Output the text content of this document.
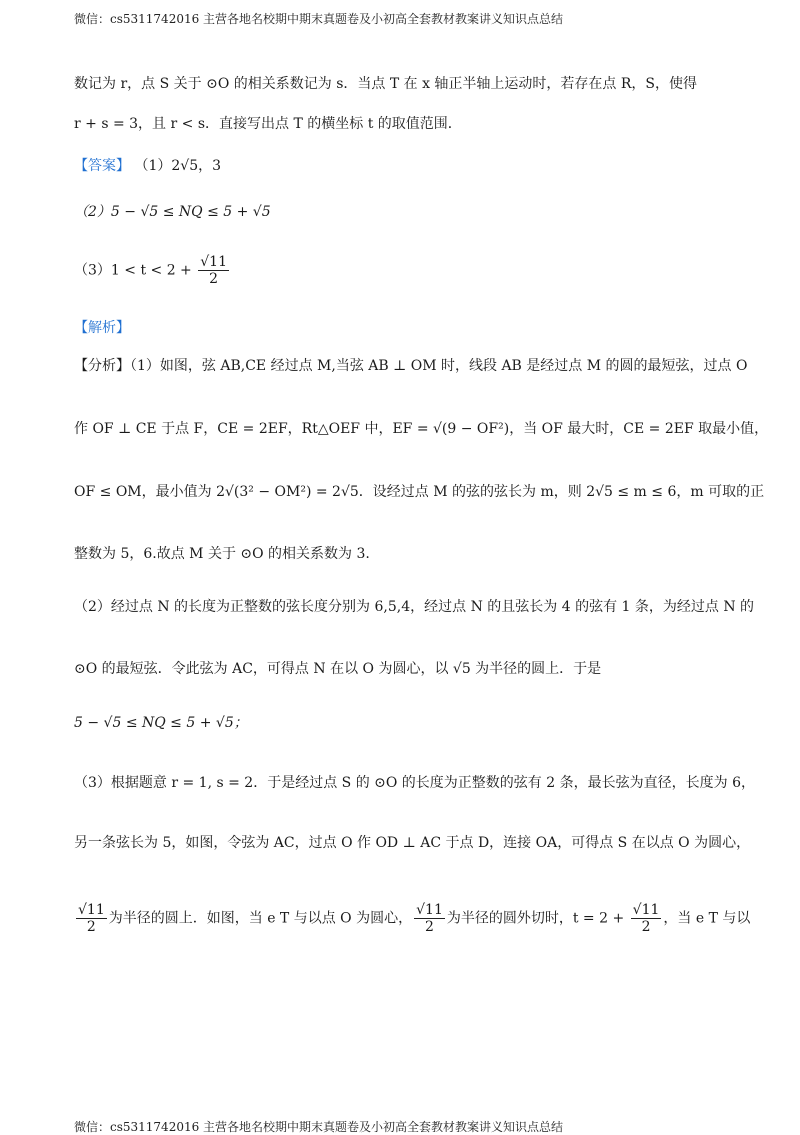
微信：cs5311742016 主营各地名校期中期末真题卷及小初高全套教材教案讲义知识点总结
数记为 r，点 S 关于 ⊙O 的相关系数记为 s．当点 T 在 x 轴正半轴上运动时，若存在点 R，S，使得
r + s = 3，且 r < s．直接写出点 T 的横坐标 t 的取值范围．
【答案】 （1）2√5，3
（2）5 − √5 ≤ NQ ≤ 5 + √5
$(3)1 < t < 2 + \frac{√11}{2}$
【解析】
【分析】（1）如图，弦 AB,CE 经过点 M,当弦 AB ⊥ OM 时，线段 AB 是经过点 M 的圆的最短弦，过点 O
作 OF ⊥ CE 于点 F，CE = 2EF，Rt△OEF 中，EF = √(9 − OF²)，当 OF 最大时，CE = 2EF 取最小值，
OF ≤ OM，最小值为 2√(3² − OM²) = 2√5．设经过点 M 的弦的弦长为 m，则 2√5 ≤ m ≤ 6，m 可取的正
整数为 5，6.故点 M 关于 ⊙O 的相关系数为 3.
（2）经过点 N 的长度为正整数的弦长度分别为 6,5,4，经过点 N 的且弦长为 4 的弦有 1 条，为经过点 N 的
⊙O 的最短弦．令此弦为 AC，可得点 N 在以 O 为圆心，以 √5 为半径的圆上．于是
5 − √5 ≤ NQ ≤ 5 + √5；
（3）根据题意 r = 1, s = 2．于是经过点 S 的 ⊙O 的长度为正整数的弦有 2 条，最长弦为直径，长度为 6，
另一条弦长为 5，如图，令弦为 AC，过点 O 作 OD ⊥ AC 于点 D，连接 OA，可得点 S 在以点 O 为圆心，
$\frac{√11}{2}$ 为半径的圆上．如图，当 e T 与以点 O 为圆心， $\frac{√11}{2}$ 为半径的圆外切时，$t = 2 + \frac{√11}{2}$ ，当 e T 与以
微信：cs5311742016 主营各地名校期中期末真题卷及小初高全套教材教案讲义知识点总结
